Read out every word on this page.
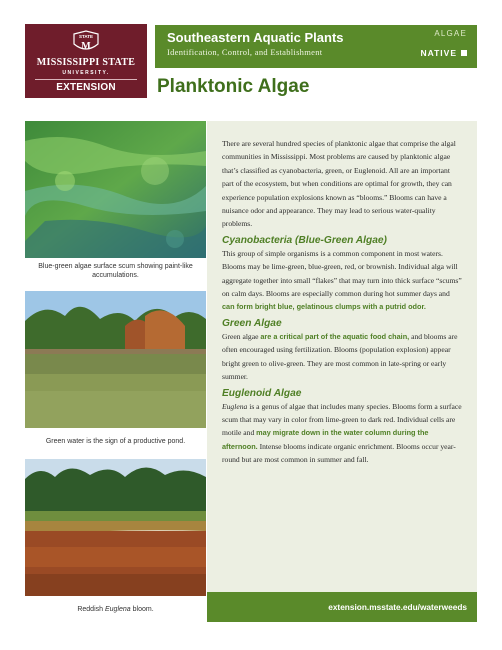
STATE
M
MISSISSIPPI STATE
UNIVERSITY.
EXTENSION
Southeastern Aquatic Plants
Identification, Control, and Establishment
ALGAE
NATIVE
Planktonic Algae
Blue-green algae surface scum showing paint-like accumulations.
Green water is the sign of a productive pond.
Reddish Euglena bloom.

There are several hundred species of planktonic algae that comprise the algal communities in Mississippi. Most problems are caused by planktonic algae that’s classified as cyanobacteria, green, or Euglenoid. All are an important part of the ecosystem, but when conditions are optimal for growth, they can experience population explosions known as “blooms.” Blooms can have a nuisance odor and appearance. They may lead to serious water-quality problems.

Cyanobacteria (Blue-Green Algae)

This group of simple organisms is a common component in most waters. Blooms may be lime-green, blue-green, red, or brownish. Individual alga will aggregate together into small “flakes” that may turn into thick surface “scums” on calm days. Blooms are especially common during hot summer days and can form bright blue, gelatinous clumps with a putrid odor.

Green Algae

Green algae are a critical part of the aquatic food chain, and blooms are often encouraged using fertilization. Blooms (population explosion) appear bright green to olive-green. They are most common in late-spring or early summer.

Euglenoid Algae

Euglena is a genus of algae that includes many species. Blooms form a surface scum that may vary in color from lime-green to dark red. Individual cells are motile and may migrate down in the water column during the afternoon. Intense blooms indicate organic enrichment. Blooms occur year-round but are most common in summer and fall.

extension.msstate.edu/waterweeds
